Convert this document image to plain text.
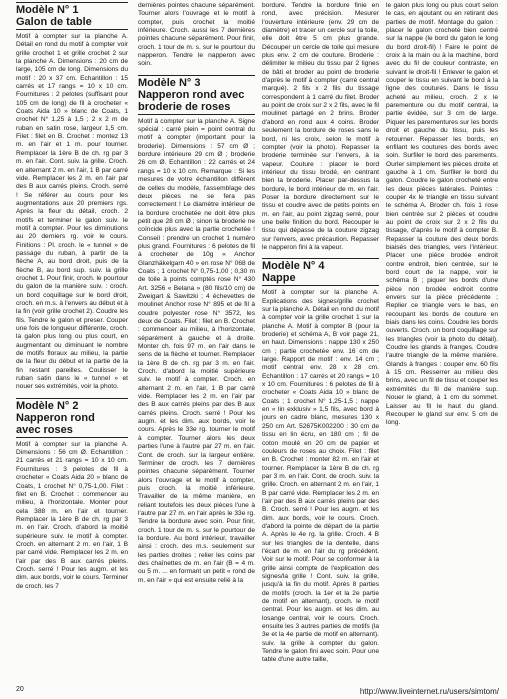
Modèle N° 1
Galon de table

Motif à compter sur la planche A. Détail en rond du motif à compter voir grille crochet 1 et grille crochet 2 sur la planche A. Dimensions : 20 cm de large, 105 cm de long. Dimensions du motif : 20 x 37 cm. Echantillon : 15 carrés et 17 rangs = 10 x 10 cm. Fournitures : 2 pelotes (suffisant pour 105 cm de long) de fil à crocheter « Coats Aida 10 » blanc de Coats, 1 crochet N° 1,25 à 1,5 ; 2 x 2 m de ruban en satin rose, largeur 1,5 cm. Filet : filet en B. Crochet : montez 13 m. en l'air et 1 m. pour tourner. Remplacer la 1ère B de ch. rg par 3 m. en l'air. Cont. suiv. la grille. Croch. en alternant 2 m. en l'air, 1 B par carré vide. Remplacer les 2 m. en l'air par des B aux carrés pleins. Croch. serré ! Se référer au cours pour les augmentations aux 20 premiers rgs. Après la fleur du détail, croch. 2 motifs et terminer le galon suiv. le motif à compter. Pour les diminutions au 20 derniers rg. voir le cours. Finitions : Pl. croch. le « tunnel » de passage du ruban, à partir de la flèche A, au bord droit, puis de la flèche B, au bord sup. suiv. la grille crochet 1. Pour finir, croch. le pourtour du galon de la manière suiv. : croch. un bord coquillage sur le bord droit, croch. en m.s. à l'envers au début et à la fin (voir grille crochet 2). Coudre les fils. Tendre le galon et preser. Couper une fois de longueur différente, croch. la galon plus long ou plus court, en augmentant ou diminuant le nombre de motifs floraux au milieu, la partie de la fleur du début et la partie de la fin restant pareilles. Coulisser le ruban satin dans le « tunnel » et nouer ses extrémités, voir la photo.

Modèle N° 2
Napperon rond
avec roses

Motif à compter sur la planche A. Dimensions : 56 cm Ø. Echantillon : 21 carrés et 21 rangs = 10 x 10 cm. Fournitures : 3 pelotes de fil à crocheter « Coats Aida 20 » blanc de Coats, 1 crochet N° 0,75-1,00. Filet : filet en B. Crochet : commencer au milieu, à l'horizontale. Monter pour cela 388 m. en l'air et tourner. Remplacer la 1ère B de ch. rg par 3 m. en l'air. Croch. d'abord la moitié supérieure suiv. le motif à compter. Croch. en alternant 2 m. en l'air, 1 B par carré vide. Remplacer les 2 m. en l'air par des B aux carrés pleins. Croch. serré ! Pour les augm. et les dim. aux bords, voir le cours. Terminer de croch. les 7

dernières pointes chacune séparément. Tourner alors l'ouvrage et le motif à compter, puis crochet la moitié inférieure. Croch. aussi les 7 dernières pointes chacune séparément. Pour finir, croch. 1 tour de m. s. sur le pourtour du napperon. Tendre le napperon avec soin.

Modèle N° 3
Napperon rond avec
broderie de roses

Motif à compter sur la planche A. Signe spécial : carré plein = point central du motif à compter (important pour la broderie). Dimensions : 57 cm Ø ; bordure intérieure 29 cm Ø ; broderie 26 cm Ø. Echantillon : 22 carrés et 24 rangs = 10 x 10 cm. Remarque : Si les mesures de votre échantillon diffèrent de celles du modèle, l'assemblage des deux pièces ne se fera pas correctement ! Le diamètre intérieur de la bordure crochetée ne doit être plus petit que 28 cm Ø ; sinon la broderie ne coïncide plus avec la partie crochetée ! Conseil : prendre un crochet 1 numéro plus grand. Fournitures : 6 pelotes de fil à crocheter de 10g « Anchor Glanzhäkelgarn 40 » en rose N° 068 de Coats ; 1 crochet N° 0,75-1,00 ; 0,30 m de toile à points comptés rose N° 430 Art. 3256 « Belana » (80 fils/10 cm) de Zweigart & Sawitzki ; 4 échevettes de moulinet Anchor rose N° 895 et de fil à coudre polyester rose N° 3572, les deux de Coats. Filet : filet en B. Crochet : commencer au milieu, à l'horizontale, séparément à gauche et à droite. Monter ch. fois 97 m. en l'air dans le sens de la flèche et tourner. Remplacer la 1ère B de ch. rg par 3 m. en l'air. Croch. d'abord la moitié supérieure suiv. le motif à compter. Croch. en alternant 2 m. en l'air, 1 B par carré vide. Remplacer les 2 m. en l'air par des B aux carrés pleins par des B aux carrés pleins. Croch. serré ! Pour les augm. et les dim. aux bords, voir le cours. Après le 33e rg. tourner le motif à compter. Tourner alors les deux parties l'une à l'autre par 27 m. en l'air. Cont. de croch. sur la largeur entière. Terminer de croch. les 7 dernières pointes chacune séparément. Tourner alors l'ouvrage et le motif à compter, puis croch. la moitié inférieure. Travailler de la même manière, en reliant toutefois les deux pièces l'une à l'autre par 27 m. en l'air après le 33e rg. Tendre la bordure avec soin. Pour finir, croch. 1 tour de m. s. sur le pourtour de la bordure. Au bord intérieur, travailler ainsi : croch. des m.s. seulement sur les parties droites ; relier les coins par des chaînettes de m. en l'air (B = 4 m. ou 5 m. ... en formant un petit « rond de m. en l'air » qui est ensuite relié à la

bordure. Tendre la bordure finie en rond, avec précision. Mesurer l'ouverture intérieure (env. 29 cm de diamètre) et tracer un cercle sur la toile, elle doit être 5 cm plus grande. Découper un cercle de toile qui mesure plus env. 2 cm de couture. Broderie : délimiter le milieu du tissu par 2 lignes de bâti et broder au point de broderie d'après le motif à compter (carré central marqué). 2 fils x 2 fils du tissage correspondent à 1 carré du filet. Broder au point de croix sur 2 x 2 fils, avec le fil moulinet partagé en 2 brins. Broder d'abord en rond aux 4 coins. Broder seulement la bordure de roses sans le bord, ni les croix, selon le motif à compter (voir la photo). Repasser la broderie terminée sur l'envers, à la vapeur. Couture : placer le bord intérieur du tissu brodé, en centrant bien la broderie. Placer par-dessus la bordure, le bord intérieur de m. en l'air. Poser la bordure directement sur le tissu et coudre avec de petits points en m. en l'air, au point zigzag serré, pour une belle finition du bord. Recouper le tissu qui dépasse de la couture zigzag sur l'envers, avec précaution. Repasser le napperon fini à la vapeur.

Modèle N° 4
Nappe

Motif à compter sur la planche A. Explications des signes/grille crochet sur la planche A. Détail en rond du motif à compter voir la grille crochet 1 sur la planche A. Motif à compter B (pour la broderie) et schéma A, B voir page 21, en haut. Dimensions : nappe 130 x 250 cm ; partie crochetée env. 16 cm de large. Rapport de motif : env. 14 cm ; motif central env. 28 x 28 cm. Echantillon : 17 carrés et 20 rangs = 10 x 10 cm. Fournitures : 6 pelotes de fil à crocheter « Coats Aida 10 » blanc de Coats ; 1 crochet N° 1,25-1,5 ; nappe en « lin exklusiv » 1,5 fils, avec bord à jours en cadre blanc, mesures 130 x 250 cm Art. 52675K002200 : 30 cm de tissu en lin écru, en 180 cm ; fil de coton moulé en 20 cm de papier et couleurs de roses au choix. Filet : filet en B. Crochet : monter 82 m. en l'air et tourner. Remplacer la 1ère B de ch. rg par 3 m. en l'air. Cont. de croch. suiv. la grille. Croch. en alternant 2 m. en l'air, 1 B par carré vide. Remplacer les 2 m. en l'air par des B aux carrés pleins par des B. Croch. serré ! Pour les augm. et les dim. aux bords, voir le cours. Croch. d'abord la pointe de départ de la partie A. Après le 4e rg. la grille. Croch. 4 B sur les triangles de la dentelle, dans l'écart de m. en l'air du rg précédent. Voir sur le motif. Pour se conformer à la grille ainsi compte de l'explication des signes/la grille ! Cont. suiv. la grille, jusqu'à la fin du motif. Après 8 parties de motifs (croch. la 1er et la 2e partie de motif en alternant), croch. le motif central. Pour les augm. et les dim. au losange central, voir le cours. Croch. ensuite les 3 autres parties de motifs (la 3e et la 4e partie de motif en alternant). suiv. la grille à compter du galon. Tendre le galon fini avec soin. Pour une table d'une autre taille,

le galon plus long ou plus court selon le cas, en ajoutant ou en retirant des parties de motif. Montage du galon : placer le galon crocheté bien centré sur la nappe (le bord du galon le long du bord droit-fil) ! Faire le point de croix à la main ou à la machine, bord avec du fil de couleur contraste, en suivant le droit-fil ! Enlever le galon et couper le tissu en suivant le bord à la ligne des coutures. Dans le tissu acheté au milieu, croch. 2 x le parementure ou du motif central, la partie évidée, sur 3 cm de large. Piquer les parementures sur les bords droit et gauche du tissu, puis les retourner. Repasser les bords, en enfilant les coutures des bords avec soin. Surfiler le bord des parements. Ourler simplement les pièces droite et gauche à 1 cm. Surfiler le bord du galon. Coudre le galon crocheté entre les deux pièces latérales. Pointes : couper 4x le triangle en tissu suivant le schéma A. Broder ch. fois 1 rose bien centrée sur 2 pièces et coudre au point de croix sur 2 x 2 fils du tissage, d'après le motif à compter B. Repasser la couture des deux bords biaisés des triangles, vers l'intérieur. Placer une pièce brodée endroit contre endroit, bien centrée, sur le bord court de la nappe, voir le schéma B ; piquer les bords d'une pièce non brodée endroit contre envers sur la pièce précédente ; Replier ce triangle vers le bas, en recoupant les bords de couture en biais dans les coins. Coudre les bords ouverts. Croch. un bord coquillage sur les triangles (voir la photo du détail). Coudre les glands à franges. Coudre l'autre triangle de la même manière. Glands à franges : couper env. 60 fils à 15 cm. Resserrer au milieu des brins, avec un fil de tissu et couper les extrémités du fil de manière sup. Nouer le gland, à 1 cm du sommet. Laisser au fil le haut du gland. Recouper le gland sur env. 5 cm de long.

20	http://www.liveinternet.ru/users/simtom/
